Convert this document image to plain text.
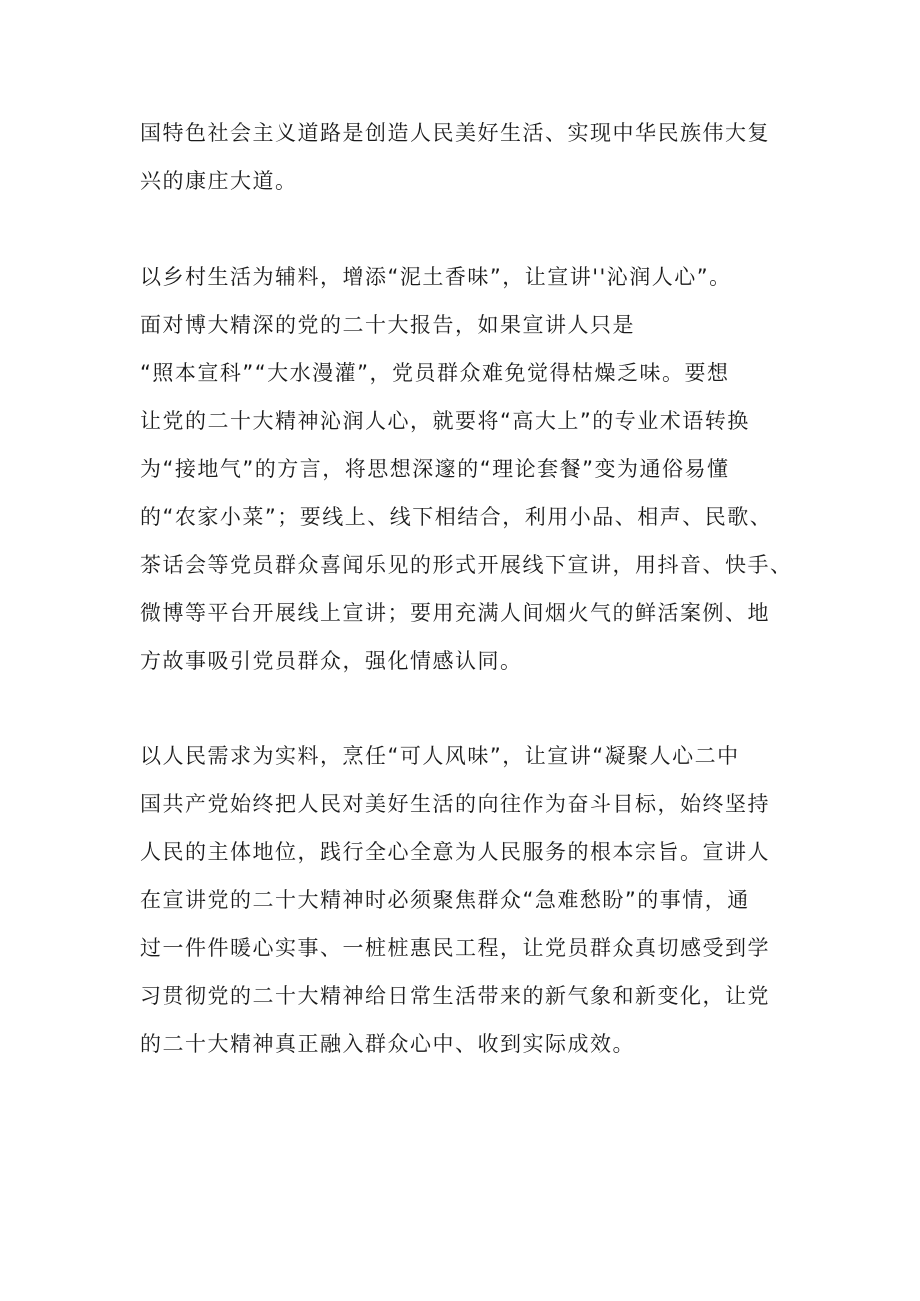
国特色社会主义道路是创造人民美好生活、实现中华民族伟大复

兴的康庄大道。

以乡村生活为辅料，增添“泥土香味”，让宣讲''沁润人心”。

面对博大精深的党的二十大报告，如果宣讲人只是

“照本宣科”“大水漫灌”，党员群众难免觉得枯燥乏味。要想

让党的二十大精神沁润人心，就要将“高大上”的专业术语转换

为“接地气”的方言，将思想深邃的“理论套餐”变为通俗易懂

的“农家小菜”；要线上、线下相结合，利用小品、相声、民歌、

茶话会等党员群众喜闻乐见的形式开展线下宣讲，用抖音、快手、

微博等平台开展线上宣讲；要用充满人间烟火气的鲜活案例、地

方故事吸引党员群众，强化情感认同。

以人民需求为实料，烹任“可人风味”，让宣讲“凝聚人心二中

国共产党始终把人民对美好生活的向往作为奋斗目标，始终坚持

人民的主体地位，践行全心全意为人民服务的根本宗旨。宣讲人

在宣讲党的二十大精神时必须聚焦群众“急难愁盼”的事情，通

过一件件暖心实事、一桩桩惠民工程，让党员群众真切感受到学

习贯彻党的二十大精神给日常生活带来的新气象和新变化，让党

的二十大精神真正融入群众心中、收到实际成效。
